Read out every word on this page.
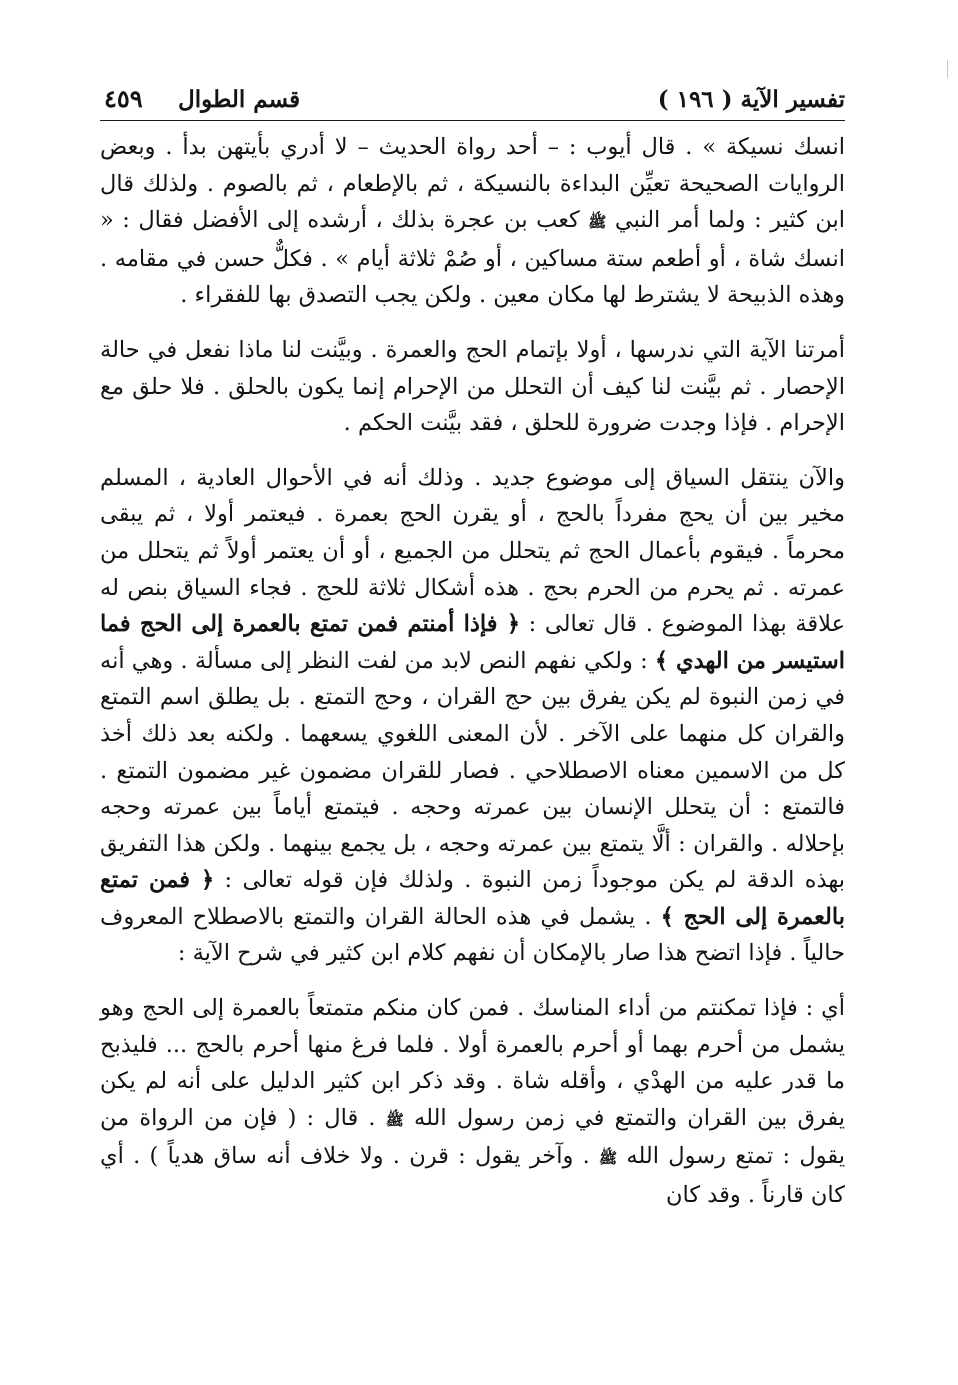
تفسير الآية ( ١٩٦ )
قسم الطوال
٤٥٩

انسك نسيكة » . قال أيوب : – أحد رواة الحديث – لا أدري بأيتهن بدأ . وبعض الروايات الصحيحة تعيِّن البداءة بالنسيكة ، ثم بالإطعام ، ثم بالصوم . ولذلك قال ابن كثير : ولما أمر النبي ﷺ كعب بن عجرة بذلك ، أرشده إلى الأفضل فقال : « انسك شاة ، أو أطعم ستة مساكين ، أو صُمْ ثلاثة أيام » . فكلٌّ حسن في مقامه . وهذه الذبيحة لا يشترط لها مكان معين . ولكن يجب التصدق بها للفقراء .

أمرتنا الآية التي ندرسها ، أولا بإتمام الحج والعمرة . وبيَّنت لنا ماذا نفعل في حالة الإحصار . ثم بيَّنت لنا كيف أن التحلل من الإحرام إنما يكون بالحلق . فلا حلق مع الإحرام . فإذا وجدت ضرورة للحلق ، فقد بيَّنت الحكم .

والآن ينتقل السياق إلى موضوع جديد . وذلك أنه في الأحوال العادية ، المسلم مخير بين أن يحج مفرداً بالحج ، أو يقرن الحج بعمرة . فيعتمر أولا ، ثم يبقى محرماً . فيقوم بأعمال الحج ثم يتحلل من الجميع ، أو أن يعتمر أولاً ثم يتحلل من عمرته . ثم يحرم من الحرم بحج . هذه أشكال ثلاثة للحج . فجاء السياق بنص له علاقة بهذا الموضوع . قال تعالى : ﴿ فإذا أمنتم فمن تمتع بالعمرة إلى الحج فما استيسر من الهدي ﴾ : ولكي نفهم النص لابد من لفت النظر إلى مسألة . وهي أنه في زمن النبوة لم يكن يفرق بين حج القران ، وحج التمتع . بل يطلق اسم التمتع والقران كل منهما على الآخر . لأن المعنى اللغوي يسعهما . ولكنه بعد ذلك أخذ كل من الاسمين معناه الاصطلاحي . فصار للقران مضمون غير مضمون التمتع . فالتمتع : أن يتحلل الإنسان بين عمرته وحجه . فيتمتع أياماً بين عمرته وحجه بإحلاله . والقران : ألَّا يتمتع بين عمرته وحجه ، بل يجمع بينهما . ولكن هذا التفريق بهذه الدقة لم يكن موجوداً زمن النبوة . ولذلك فإن قوله تعالى : ﴿ فمن تمتع بالعمرة إلى الحج ﴾ . يشمل في هذه الحالة القران والتمتع بالاصطلاح المعروف حالياً . فإذا اتضح هذا صار بالإمكان أن نفهم كلام ابن كثير في شرح الآية :

أي : فإذا تمكنتم من أداء المناسك . فمن كان منكم متمتعاً بالعمرة إلى الحج وهو يشمل من أحرم بهما أو أحرم بالعمرة أولا . فلما فرغ منها أحرم بالحج ... فليذبح ما قدر عليه من الهدْي ، وأقله شاة . وقد ذكر ابن كثير الدليل على أنه لم يكن يفرق بين القران والتمتع في زمن رسول الله ﷺ . قال : ( فإن من الرواة من يقول : تمتع رسول الله ﷺ . وآخر يقول : قرن . ولا خلاف أنه ساق هدياً ) . أي كان قارناً . وقد كان
